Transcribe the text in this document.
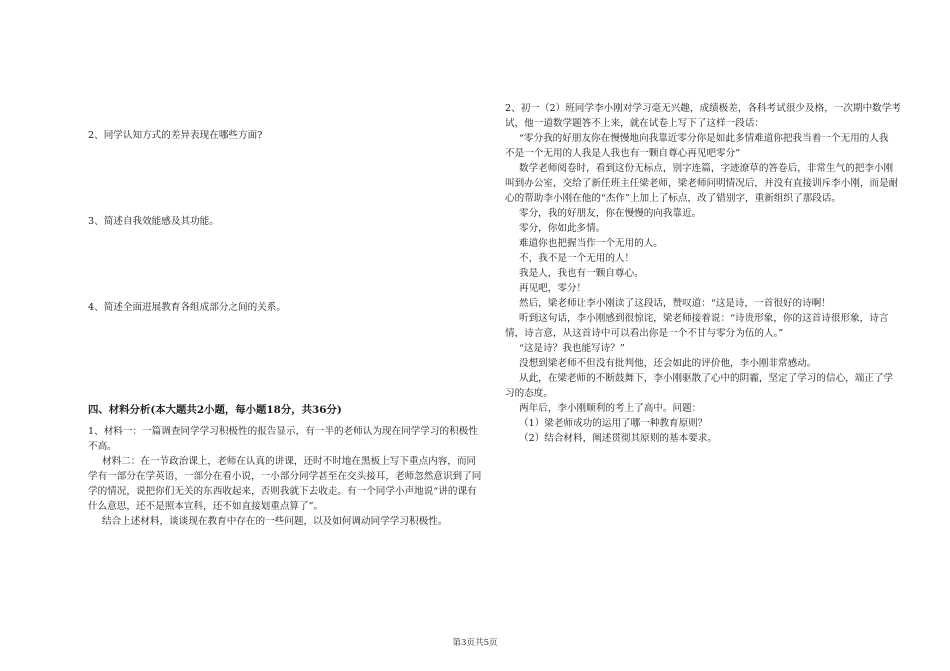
2、同学认知方式的差异表现在哪些方面?
3、简述自我效能感及其功能。
4、简述全面进展教育各组成部分之间的关系。
四、材料分析(本大题共2小题，每小题18分，共36分)
1、材料一：一篇调查同学学习积极性的报告显示，有一半的老师认为现在同学学习的积极性
不高。
材料二：在一节政治课上，老师在认真的讲课，还时不时地在黑板上写下重点内容，而同
学有一部分在学英语，一部分在看小说，一小部分同学甚至在交头接耳，老师忽然意识到了同
学的情况，说把你们无关的东西收起来，否则我就下去收走。有一个同学小声地说“讲的课有
什么意思，还不是照本宣科，还不如直接划重点算了”。
结合上述材料，谈谈现在教育中存在的一些问题，以及如何调动同学学习积极性。
2、初一（2）班同学李小刚对学习毫无兴趣，成绩极差，各科考试很少及格，一次期中数学考
试，他一道数学题答不上来，就在试卷上写下了这样一段话：
“零分我的好朋友你在慢慢地向我靠近零分你是如此多情难道你把我当着一个无用的人我
不是一个无用的人我是人我也有一颗自尊心再见吧零分”
数学老师阅卷时，看到这份无标点，别字连篇，字迹潦草的答卷后，非常生气的把李小刚
叫到办公室，交给了新任班主任梁老师，梁老师问明情况后，并没有直接训斥李小刚，而是耐
心的帮助李小刚在他的“杰作”上加上了标点，改了错别字，重新组织了那段话。
零分，我的好朋友，你在慢慢的向我靠近。
零分，你如此多情。
难道你也把握当作一个无用的人。
不，我不是一个无用的人！
我是人，我也有一颗自尊心。
再见吧，零分！
然后，梁老师让李小刚读了这段话，赞叹道：“这是诗，一首很好的诗啊！
听到这句话，李小刚感到很惊诧，梁老师接着说：“诗贵形象，你的这首诗很形象，诗言
情，诗言意，从这首诗中可以看出你是一个不甘与零分为伍的人。”
“这是诗？我也能写诗？”
没想到梁老师不但没有批判他，还会如此的评价他，李小刚非常感动。
从此，在梁老师的不断鼓舞下，李小刚驱散了心中的阴霾，坚定了学习的信心，端正了学
习的态度。
两年后，李小刚顺利的考上了高中。问题：
（1）梁老师成功的运用了哪一种教育原则？
（2）结合材料，阐述贯彻其原则的基本要求。
第3页共5页
